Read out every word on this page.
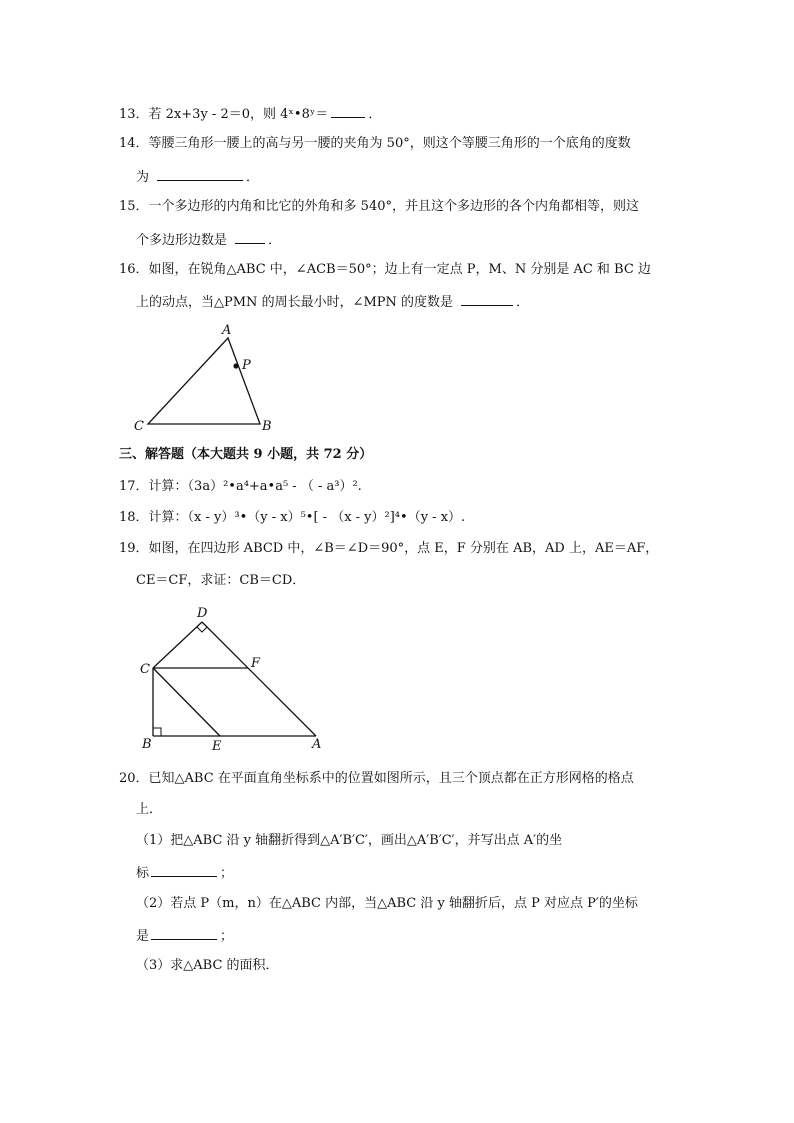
13．若 2x+3y - 2＝0，则 4ˣ•8ʸ＝	．
14．等腰三角形一腰上的高与另一腰的夹角为 50°，则这个等腰三角形的一个底角的度数
为	．
15．一个多边形的内角和比它的外角和多 540°，并且这个多边形的各个内角都相等，则这
个多边形边数是	．
16．如图，在锐角△ABC 中，∠ACB＝50°；边上有一定点 P，M、N 分别是 AC 和 BC 边
上的动点，当△PMN 的周长最小时，∠MPN 的度数是	．
A
P
C	B
三、解答题（本大题共 9 小题，共 72 分）
17．计算：（3a）²•a⁴+a•a⁵ - （ - a³）².
18．计算：（x - y）³•（y - x）⁵•[ - （x - y）²]⁴•（y - x）.
19．如图，在四边形 ABCD 中，∠B＝∠D＝90°，点 E，F 分别在 AB，AD 上，AE＝AF，
CE＝CF，求证：CB＝CD．
D
C	F
B	E	A
20．已知△ABC 在平面直角坐标系中的位置如图所示，且三个顶点都在正方形网格的格点
上．
（1）把△ABC 沿 y 轴翻折得到△A′B′C′，画出△A′B′C′，并写出点 A′的坐
标	；
（2）若点 P（m，n）在△ABC 内部，当△ABC 沿 y 轴翻折后，点 P 对应点 P′的坐标
是	；
（3）求△ABC 的面积．
